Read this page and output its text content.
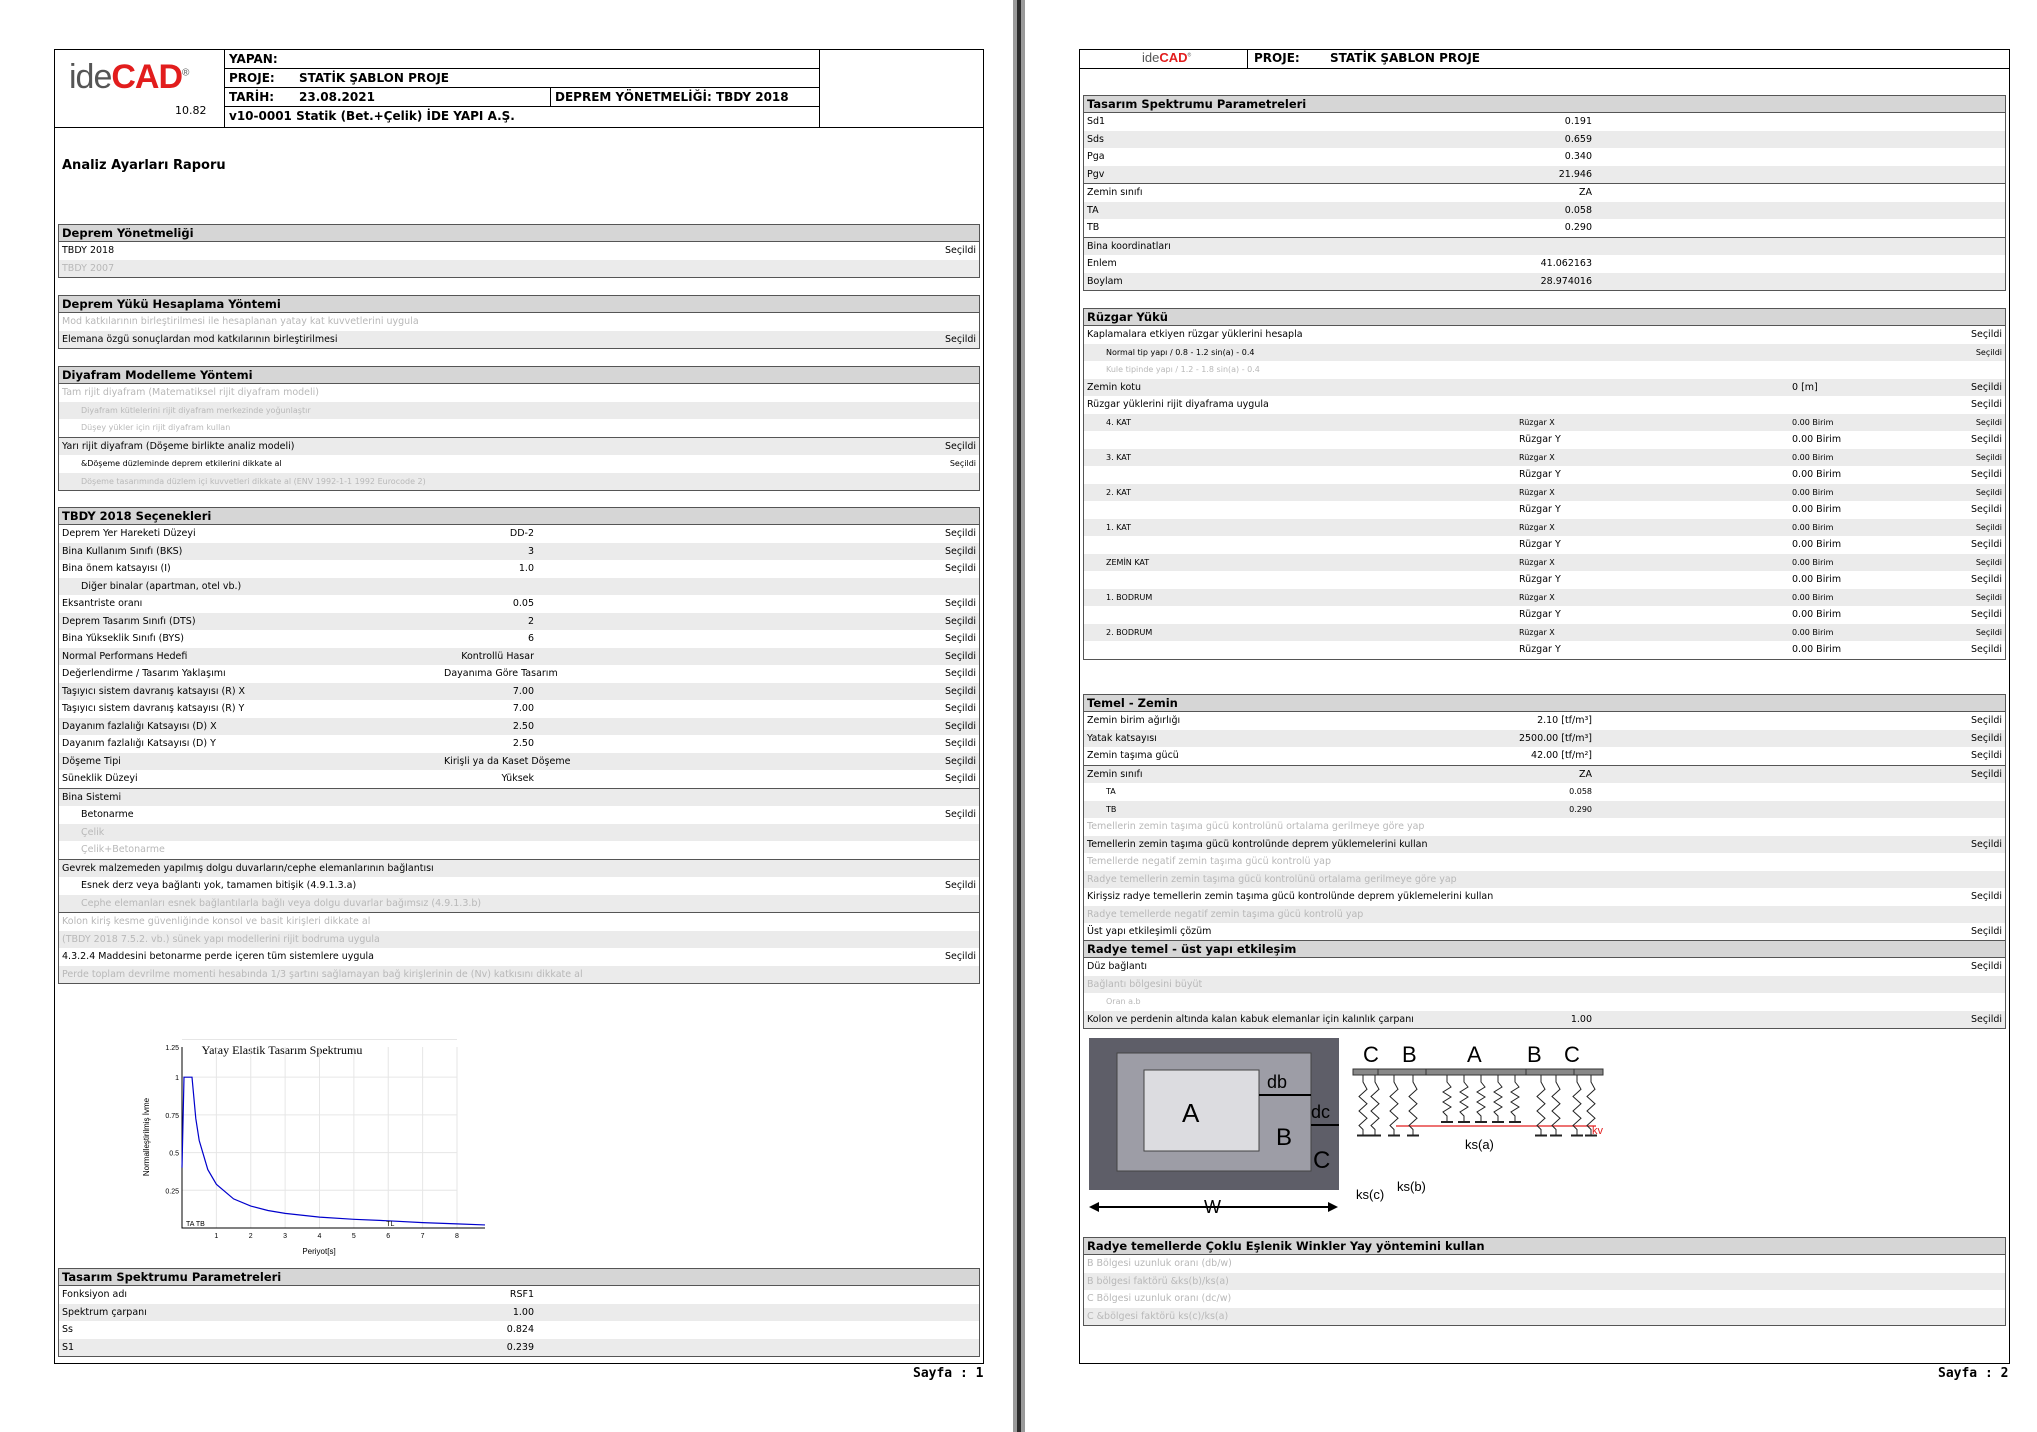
ideCAD®
10.82
YAPAN:
PROJE: STATİK ŞABLON PROJE
TARİH: 23.08.2021	DEPREM YÖNETMELİĞİ: TBDY 2018
v10-0001 Statik (Bet.+Çelik) İDE YAPI A.Ş.
Analiz Ayarları Raporu
Deprem Yönetmeliği
TBDY 2018	Seçildi
TBDY 2007
Deprem Yükü Hesaplama Yöntemi
Mod katkılarının birleştirilmesi ile hesaplanan yatay kat kuvvetlerini uygula
Elemana özgü sonuçlardan mod katkılarının birleştirilmesi	Seçildi
Diyafram Modelleme Yöntemi
Tam rijit diyafram (Matematiksel rijit diyafram modeli)
Diyafram kütlelerini rijit diyafram merkezinde yoğunlaştır
Düşey yükler için rijit diyafram kullan
Yarı rijit diyafram (Döşeme birlikte analiz modeli)	Seçildi
&Döşeme düzleminde deprem etkilerini dikkate al	Seçildi
Döşeme tasarımında düzlem içi kuvvetleri dikkate al (ENV 1992-1-1 1992 Eurocode 2)
TBDY 2018 Seçenekleri
Deprem Yer Hareketi Düzeyi	DD-2	Seçildi
Bina Kullanım Sınıfı (BKS)	3	Seçildi
Bina önem katsayısı (I)	1.0	Seçildi
Diğer binalar (apartman, otel vb.)
Eksantriste oranı	0.05	Seçildi
Deprem Tasarım Sınıfı (DTS)	2	Seçildi
Bina Yükseklik Sınıfı (BYS)	6	Seçildi
Normal Performans Hedefi	Kontrollü Hasar	Seçildi
Değerlendirme / Tasarım Yaklaşımı	Dayanıma Göre Tasarım	Seçildi
Taşıyıcı sistem davranış katsayısı (R) X	7.00	Seçildi
Taşıyıcı sistem davranış katsayısı (R) Y	7.00	Seçildi
Dayanım fazlalığı Katsayısı (D) X	2.50	Seçildi
Dayanım fazlalığı Katsayısı (D) Y	2.50	Seçildi
Döşeme Tipi	Kirişli ya da Kaset Döşeme	Seçildi
Süneklik Düzeyi	Yüksek	Seçildi
Bina Sistemi
Betonarme	Seçildi
Çelik
Çelik+Betonarme
Gevrek malzemeden yapılmış dolgu duvarların/cephe elemanlarının bağlantısı
Esnek derz veya bağlantı yok, tamamen bitişik (4.9.1.3.a)	Seçildi
Cephe elemanları esnek bağlantılarla bağlı veya dolgu duvarlar bağımsız (4.9.1.3.b)
Kolon kiriş kesme güvenliğinde konsol ve basit kirişleri dikkate al
(TBDY 2018 7.5.2. vb.) sünek yapı modellerini rijit bodruma uygula
4.3.2.4 Maddesini betonarme perde içeren tüm sistemlere uygula	Seçildi
Perde toplam devrilme momenti hesabında 1/3 şartını sağlamayan bağ kirişlerinin de (Nv) katkısını dikkate al
Yatay Elastik Tasarım Spektrumu
Normalleştirilmiş İvme
Periyot[s]
1	2	3	4	5	6	7	8
0.25
0.5
0.75
1
1.25
TA TB	TL
Tasarım Spektrumu Parametreleri
Fonksiyon adı	RSF1
Spektrum çarpanı	1.00
Ss	0.824
S1	0.239
Sayfa : 1
ideCAD®	PROJE:	STATİK ŞABLON PROJE
Tasarım Spektrumu Parametreleri
Sd1	0.191
Sds	0.659
Pga	0.340
Pgv	21.946
Zemin sınıfı	ZA
TA	0.058
TB	0.290
Bina koordinatları
Enlem	41.062163
Boylam	28.974016
Rüzgar Yükü
Kaplamalara etkiyen rüzgar yüklerini hesapla	Seçildi
Normal tip yapı / 0.8 - 1.2 sin(a) - 0.4	Seçildi
Kule tipinde yapı / 1.2 - 1.8 sin(a) - 0.4
Zemin kotu	0 [m]	Seçildi
Rüzgar yüklerini rijit diyaframa uygula	Seçildi
4. KAT	Rüzgar X	0.00 Birim	Seçildi
Rüzgar Y	0.00 Birim	Seçildi
3. KAT	Rüzgar X	0.00 Birim	Seçildi
Rüzgar Y	0.00 Birim	Seçildi
2. KAT	Rüzgar X	0.00 Birim	Seçildi
Rüzgar Y	0.00 Birim	Seçildi
1. KAT	Rüzgar X	0.00 Birim	Seçildi
Rüzgar Y	0.00 Birim	Seçildi
ZEMİN KAT	Rüzgar X	0.00 Birim	Seçildi
Rüzgar Y	0.00 Birim	Seçildi
1. BODRUM	Rüzgar X	0.00 Birim	Seçildi
Rüzgar Y	0.00 Birim	Seçildi
2. BODRUM	Rüzgar X	0.00 Birim	Seçildi
Rüzgar Y	0.00 Birim	Seçildi
Temel - Zemin
Zemin birim ağırlığı	2.10 [tf/m³]	Seçildi
Yatak katsayısı	2500.00 [tf/m³]	Seçildi
Zemin taşıma gücü	42.00 [tf/m²]	Seçildi
Zemin sınıfı	ZA	Seçildi
TA	0.058
TB	0.290
Temellerin zemin taşıma gücü kontrolünü ortalama gerilmeye göre yap
Temellerin zemin taşıma gücü kontrolünde deprem yüklemelerini kullan	Seçildi
Temellerde negatif zemin taşıma gücü kontrolü yap
Radye temellerin zemin taşıma gücü kontrolünü ortalama gerilmeye göre yap
Kirişsiz radye temellerin zemin taşıma gücü kontrolünde deprem yüklemelerini kullan	Seçildi
Radye temellerde negatif zemin taşıma gücü kontrolü yap
Üst yapı etkileşimli çözüm	Seçildi
Radye temel - üst yapı etkileşim
Düz bağlantı	Seçildi
Bağlantı bölgesini büyüt
Oran a.b
Kolon ve perdenin altında kalan kabuk elemanlar için kalınlık çarpanı	1.00	Seçildi
A
B
C
db
dc
W
C B A B C
ks(c)
ks(b)
ks(a)
kv
Radye temellerde Çoklu Eşlenik Winkler Yay yöntemini kullan
B Bölgesi uzunluk oranı (db/w)
B bölgesi faktörü &ks(b)/ks(a)
C Bölgesi uzunluk oranı (dc/w)
C &bölgesi faktörü ks(c)/ks(a)
Sayfa : 2
